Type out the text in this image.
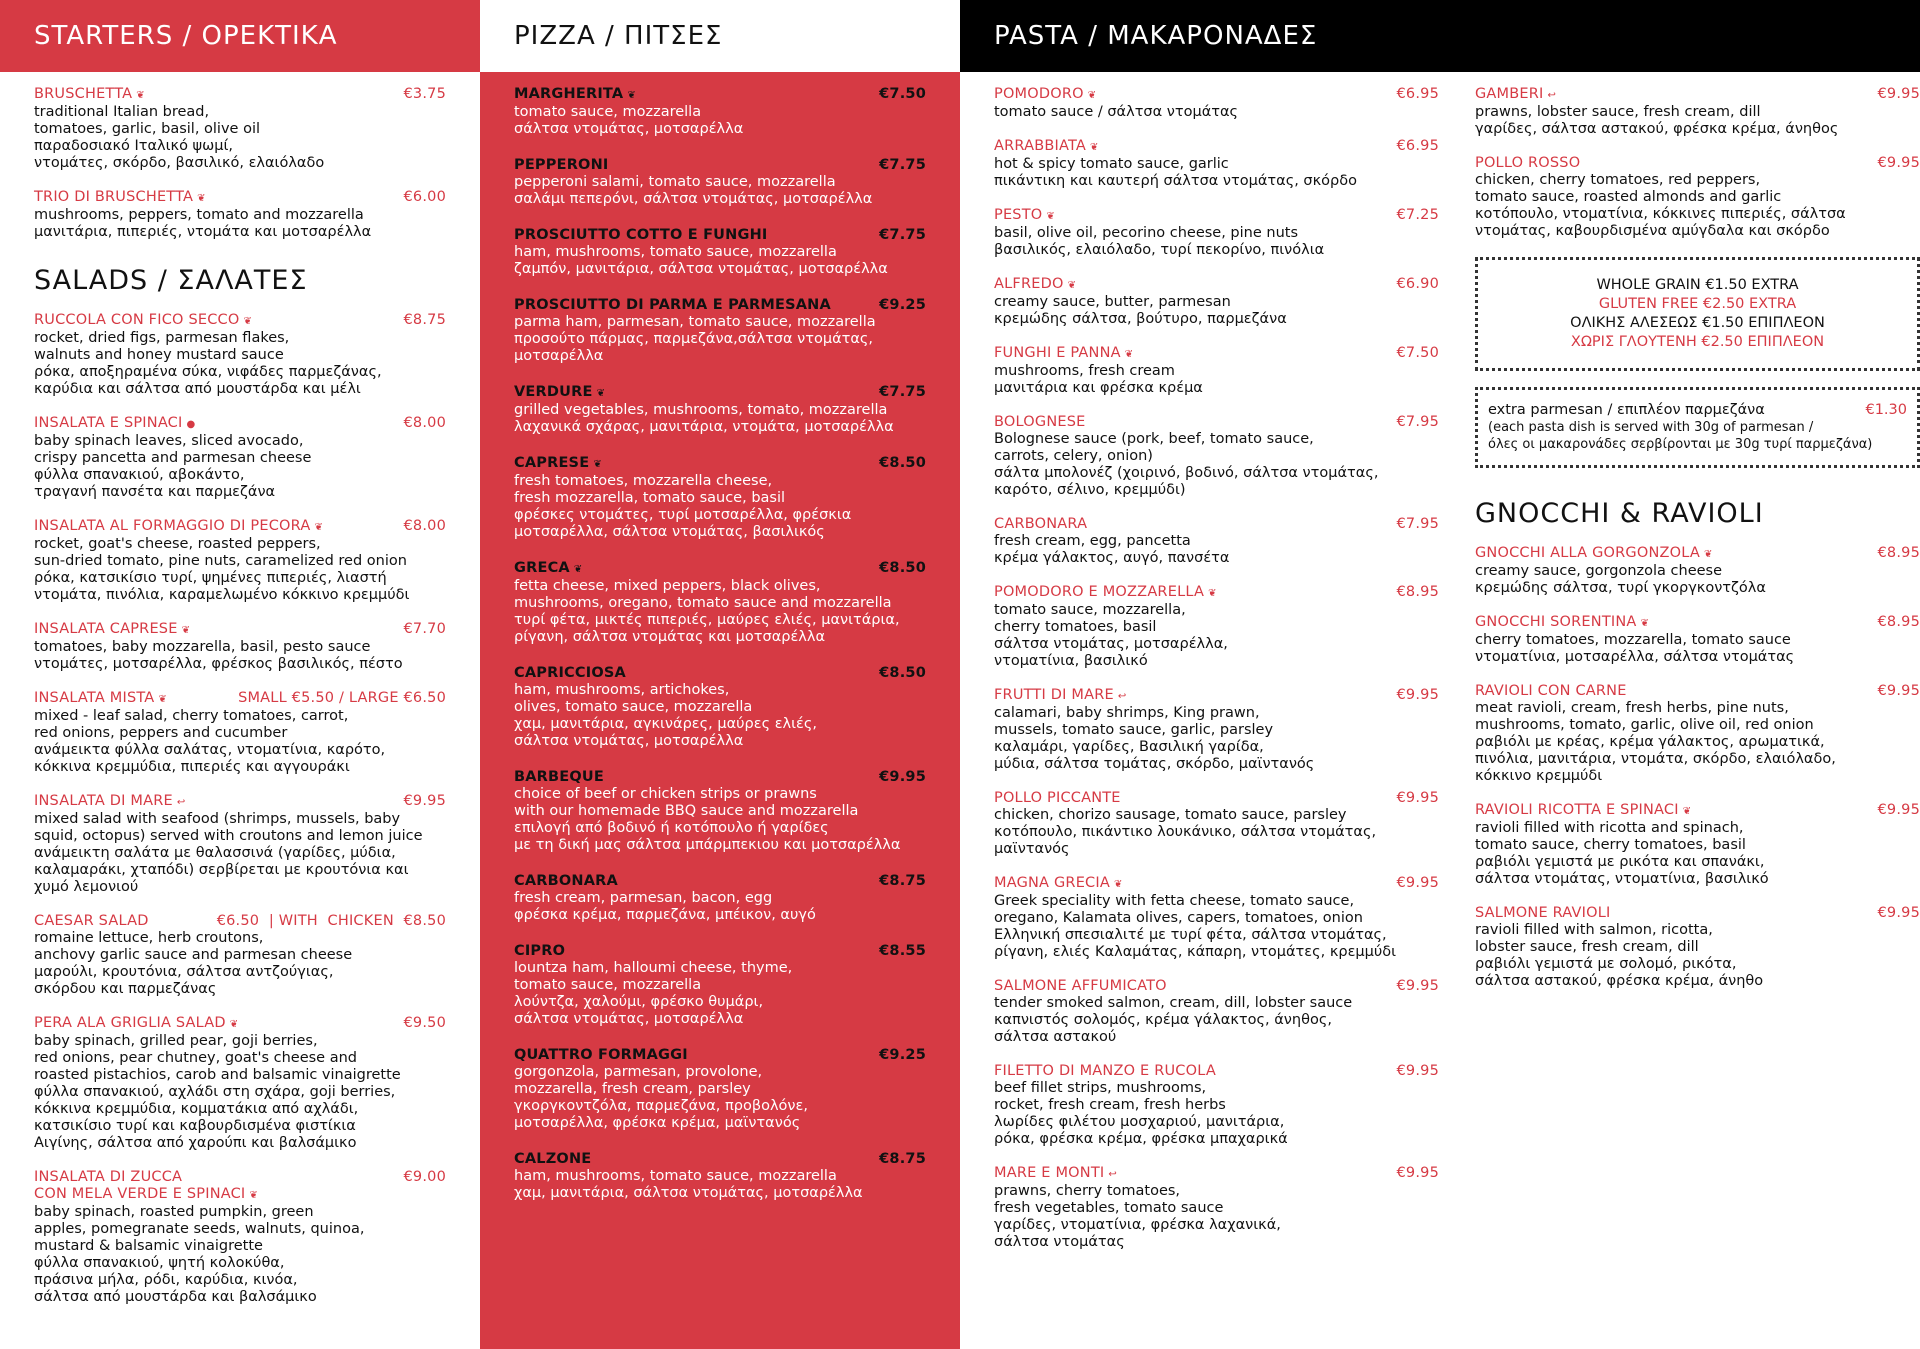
STARTERS / ΟΡΕΚΤΙΚΑ
BRUSCHETTA ❦	€3.75
traditional Italian bread,
tomatoes, garlic, basil, olive oil
παραδοσιακό Ιταλικό ψωμί,
ντομάτες, σκόρδο, βασιλικό, ελαιόλαδο
TRIO DI BRUSCHETTA ❦	€6.00
mushrooms, peppers, tomato and mozzarella
μανιτάρια, πιπεριές, ντομάτα και μοτσαρέλλα
SALADS / ΣΑΛΑΤΕΣ
RUCCOLA CON FICO SECCO ❦	€8.75
rocket, dried figs, parmesan flakes,
walnuts and honey mustard sauce
ρόκα, αποξηραμένα σύκα, νιφάδες παρμεζάνας,
καρύδια και σάλτσα από μουστάρδα και μέλι
INSALATA E SPINACI ●	€8.00
baby spinach leaves, sliced avocado,
crispy pancetta and parmesan cheese
φύλλα σπανακιού, αβοκάντο,
τραγανή πανσέτα και παρμεζάνα
INSALATA AL FORMAGGIO DI PECORA ❦	€8.00
rocket, goat's cheese, roasted peppers,
sun-dried tomato, pine nuts, caramelized red onion
ρόκα, κατσικίσιο τυρί, ψημένες πιπεριές, λιαστή
ντομάτα, πινόλια, καραμελωμένο κόκκινο κρεμμύδι
INSALATA CAPRESE ❦	€7.70
tomatoes, baby mozzarella, basil, pesto sauce
ντομάτες, μοτσαρέλλα, φρέσκος βασιλικός, πέστο
INSALATA MISTA ❦	SMALL €5.50 / LARGE €6.50
mixed - leaf salad, cherry tomatoes, carrot,
red onions, peppers and cucumber
ανάμεικτα φύλλα σαλάτας, ντοματίνια, καρότο,
κόκκινα κρεμμύδια, πιπεριές και αγγουράκι
INSALATA DI MARE ↩	€9.95
mixed salad with seafood (shrimps, mussels, baby
squid, octopus) served with croutons and lemon juice
ανάμεικτη σαλάτα με θαλασσινά (γαρίδες, μύδια,
καλαμαράκι, χταπόδι) σερβίρεται με κρουτόνια και
χυμό λεμονιού
CAESAR SALAD	€6.50  | WITH  CHICKEN  €8.50
romaine lettuce, herb croutons,
anchovy garlic sauce and parmesan cheese
μαρούλι, κρουτόνια, σάλτσα αντζούγιας,
σκόρδου και παρμεζάνας
PERA ALA GRIGLIA SALAD ❦	€9.50
baby spinach, grilled pear, goji berries,
red onions, pear chutney, goat's cheese and
roasted pistachios, carob and balsamic vinaigrette
φύλλα σπανακιού, αχλάδι στη σχάρα, goji berries,
κόκκινα κρεμμύδια, κομματάκια από αχλάδι,
κατσικίσιο τυρί και καβουρδισμένα φιστίκια
Αιγίνης, σάλτσα από χαρούπι και βαλσάμικο
INSALATA DI ZUCCA
CON MELA VERDE E SPINACI ❦
€9.00
baby spinach, roasted pumpkin, green
apples, pomegranate seeds, walnuts, quinoa,
mustard & balsamic vinaigrette
φύλλα σπανακιού, ψητή κολοκύθα,
πράσινα μήλα, ρόδι, καρύδια, κινόα,
σάλτσα από μουστάρδα και βαλσάμικο
PIZZA / ΠΙΤΣΕΣ
MARGHERITA ❦	€7.50
tomato sauce, mozzarella
σάλτσα ντομάτας, μοτσαρέλλα
PEPPERONI	€7.75
pepperoni salami, tomato sauce, mozzarella
σαλάμι πεπερόνι, σάλτσα ντομάτας, μοτσαρέλλα
PROSCIUTTO COTTO E FUNGHI	€7.75
ham, mushrooms, tomato sauce, mozzarella
ζαμπόν, μανιτάρια, σάλτσα ντομάτας, μοτσαρέλλα
PROSCIUTTO DI PARMA E PARMESANA	€9.25
parma ham, parmesan, tomato sauce, mozzarella
προσούτο πάρμας, παρμεζάνα,σάλτσα ντομάτας,
μοτσαρέλλα
VERDURE ❦	€7.75
grilled vegetables, mushrooms, tomato, mozzarella
λαχανικά σχάρας, μανιτάρια, ντομάτα, μοτσαρέλλα
CAPRESE ❦	€8.50
fresh tomatoes, mozzarella cheese,
fresh mozzarella, tomato sauce, basil
φρέσκες ντομάτες, τυρί μοτσαρέλλα, φρέσκια
μοτσαρέλλα, σάλτσα ντομάτας, βασιλικός
GRECA ❦	€8.50
fetta cheese, mixed peppers, black olives,
mushrooms, oregano, tomato sauce and mozzarella
τυρί φέτα, μικτές πιπεριές, μαύρες ελιές, μανιτάρια,
ρίγανη, σάλτσα ντομάτας και μοτσαρέλλα
CAPRICCIOSA	€8.50
ham, mushrooms, artichokes,
olives, tomato sauce, mozzarella
χαμ, μανιτάρια, αγκινάρες, μαύρες ελιές,
σάλτσα ντομάτας, μοτσαρέλλα
BARBEQUE	€9.95
choice of beef or chicken strips or prawns
with our homemade BBQ sauce and mozzarella
επιλογή από βοδινό ή κοτόπουλο ή γαρίδες
με τη δική μας σάλτσα μπάρμπεκιου και μοτσαρέλλα
CARBONARA	€8.75
fresh cream, parmesan, bacon, egg
φρέσκα κρέμα, παρμεζάνα, μπέικον, αυγό
CIPRO	€8.55
lountza ham, halloumi cheese, thyme,
tomato sauce, mozzarella
λούντζα, χαλούμι, φρέσκο θυμάρι,
σάλτσα ντομάτας, μοτσαρέλλα
QUATTRO FORMAGGI	€9.25
gorgonzola, parmesan, provolone,
mozzarella, fresh cream, parsley
γκοργκοντζόλα, παρμεζάνα, προβολόνε,
μοτσαρέλλα, φρέσκα κρέμα, μαϊντανός
CALZONE	€8.75
ham, mushrooms, tomato sauce, mozzarella
χαμ, μανιτάρια, σάλτσα ντομάτας, μοτσαρέλλα
PASTA / ΜΑΚΑΡΟΝΑΔΕΣ
POMODORO ❦	€6.95
tomato sauce / σάλτσα ντομάτας
ARRABBIATA ❦	€6.95
hot & spicy tomato sauce, garlic
πικάντικη και καυτερή σάλτσα ντομάτας, σκόρδο
PESTO ❦	€7.25
basil, olive oil, pecorino cheese, pine nuts
βασιλικός, ελαιόλαδο, τυρί πεκορίνο, πινόλια
ALFREDO ❦	€6.90
creamy sauce, butter, parmesan
κρεμώδης σάλτσα, βούτυρο, παρμεζάνα
FUNGHI E PANNA ❦	€7.50
mushrooms, fresh cream
μανιτάρια και φρέσκα κρέμα
BOLOGNESE	€7.95
Bolognese sauce (pork, beef, tomato sauce,
carrots, celery, onion)
σάλτα μπολονέζ (χοιρινό, βοδινό, σάλτσα ντομάτας,
καρότο, σέλινο, κρεμμύδι)
CARBONARA	€7.95
fresh cream, egg, pancetta
κρέμα γάλακτος, αυγό, πανσέτα
POMODORO E MOZZARELLA ❦	€8.95
tomato sauce, mozzarella,
cherry tomatoes, basil
σάλτσα ντομάτας, μοτσαρέλλα,
ντοματίνια, βασιλικό
FRUTTI DI MARE ↩	€9.95
calamari, baby shrimps, King prawn,
mussels, tomato sauce, garlic, parsley
καλαμάρι, γαρίδες, Βασιλική γαρίδα,
μύδια, σάλτσα τομάτας, σκόρδο, μαϊντανός
POLLO PICCANTE	€9.95
chicken, chorizo sausage, tomato sauce, parsley
κοτόπουλο, πικάντικο λουκάνικο, σάλτσα ντομάτας,
μαϊντανός
MAGNA GRECIA ❦	€9.95
Greek speciality with fetta cheese, tomato sauce,
oregano, Kalamata olives, capers, tomatoes, onion
Ελληνική σπεσιαλιτέ με τυρί φέτα, σάλτσα ντομάτας,
ρίγανη, ελιές Καλαμάτας, κάπαρη, ντομάτες, κρεμμύδι
SALMONE AFFUMICATO	€9.95
tender smoked salmon, cream, dill, lobster sauce
καπνιστός σολομός, κρέμα γάλακτος, άνηθος,
σάλτσα αστακού
FILETTO DI MANZO E RUCOLA	€9.95
beef fillet strips, mushrooms,
rocket, fresh cream, fresh herbs
λωρίδες φιλέτου μοσχαριού, μανιτάρια,
ρόκα, φρέσκα κρέμα, φρέσκα μπαχαρικά
MARE E MONTI ↩	€9.95
prawns, cherry tomatoes,
fresh vegetables, tomato sauce
γαρίδες, ντοματίνια, φρέσκα λαχανικά,
σάλτσα ντομάτας
GAMBERI ↩	€9.95
prawns, lobster sauce, fresh cream, dill
γαρίδες, σάλτσα αστακού, φρέσκα κρέμα, άνηθος
POLLO ROSSO	€9.95
chicken, cherry tomatoes, red peppers,
tomato sauce, roasted almonds and garlic
κοτόπουλο, ντοματίνια, κόκκινες πιπεριές, σάλτσα
ντομάτας, καβουρδισμένα αμύγδαλα και σκόρδο
WHOLE GRAIN €1.50 EXTRA
GLUTEN FREE €2.50 EXTRA
ΟΛΙΚΗΣ ΑΛΕΣΕΩΣ €1.50 ΕΠΙΠΛΕΟΝ
ΧΩΡΙΣ ΓΛΟΥΤΕΝΗ €2.50 ΕΠΙΠΛΕΟΝ
extra parmesan / επιπλέον παρμεζάνα	€1.30
(each pasta dish is served with 30g of parmesan /
όλες οι μακαρονάδες σερβίρονται με 30g τυρί παρμεζάνα)
GNOCCHI & RAVIOLI
GNOCCHI ALLA GORGONZOLA ❦	€8.95
creamy sauce, gorgonzola cheese
κρεμώδης σάλτσα, τυρί γκοργκοντζόλα
GNOCCHI SORENTINA ❦	€8.95
cherry tomatoes, mozzarella, tomato sauce
ντοματίνια, μοτσαρέλλα, σάλτσα ντομάτας
RAVIOLI CON CARNE	€9.95
meat ravioli, cream, fresh herbs, pine nuts,
mushrooms, tomato, garlic, olive oil, red onion
ραβιόλι με κρέας, κρέμα γάλακτος, αρωματικά,
πινόλια, μανιτάρια, ντομάτα, σκόρδο, ελαιόλαδο,
κόκκινο κρεμμύδι
RAVIOLI RICOTTA E SPINACI ❦	€9.95
ravioli filled with ricotta and spinach,
tomato sauce, cherry tomatoes, basil
ραβιόλι γεμιστά με ρικότα και σπανάκι,
σάλτσα ντομάτας, ντοματίνια, βασιλικό
SALMONE RAVIOLI	€9.95
ravioli filled with salmon, ricotta,
lobster sauce, fresh cream, dill
ραβιόλι γεμιστά με σολομό, ρικότα,
σάλτσα αστακού, φρέσκα κρέμα, άνηθο
